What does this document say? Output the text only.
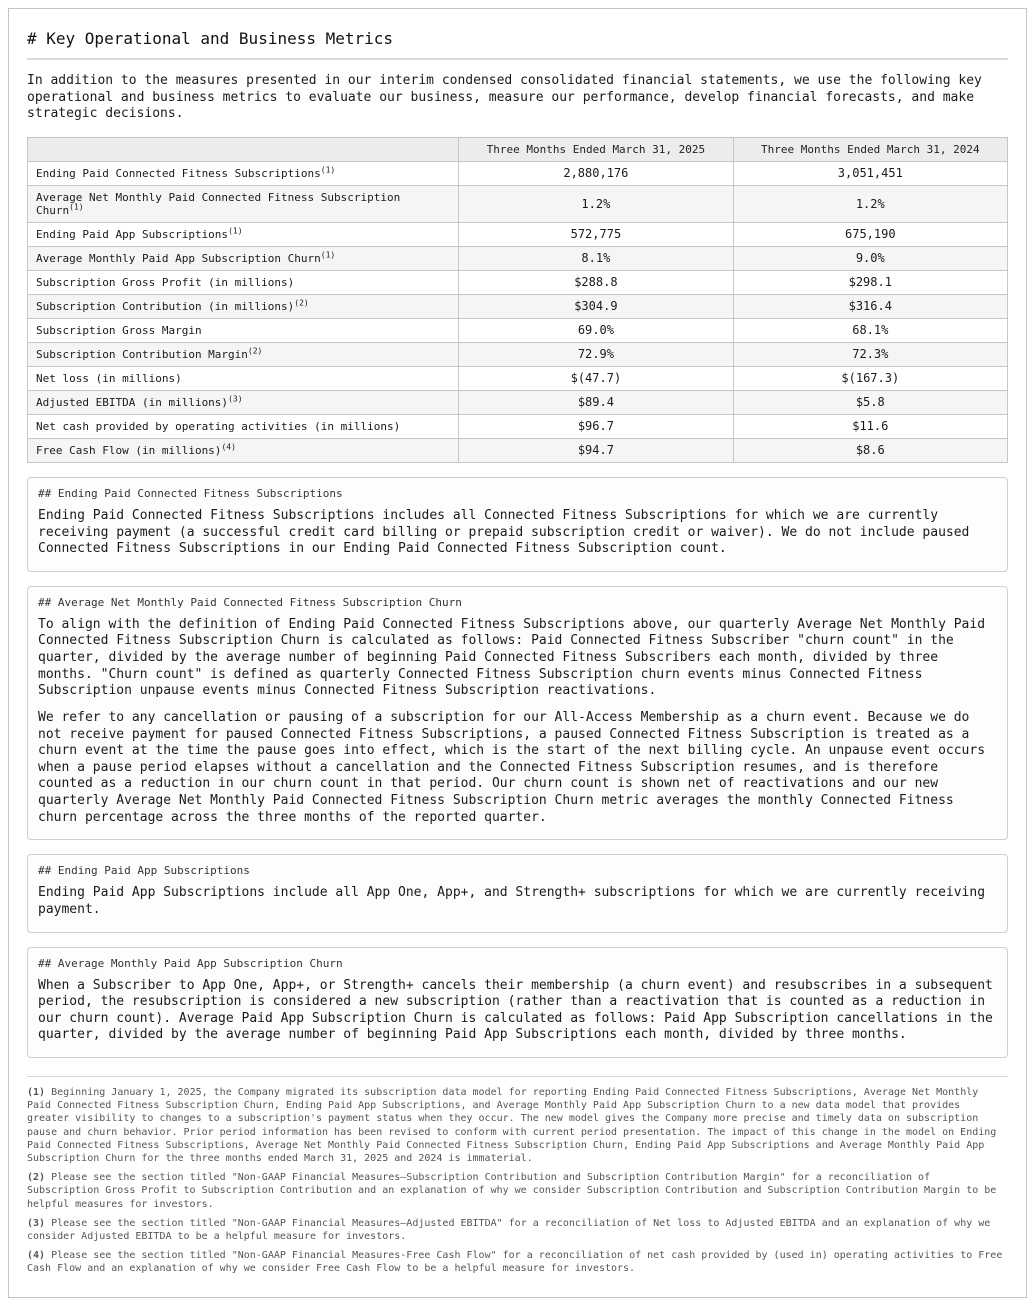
# Key Operational and Business Metrics

In addition to the measures presented in our interim condensed consolidated financial statements, we use the following key operational and business metrics to evaluate our business, measure our performance, develop financial forecasts, and make strategic decisions.

	Three Months Ended March 31, 2025	Three Months Ended March 31, 2024
Ending Paid Connected Fitness Subscriptions$^{(1)}$	2,880,176	3,051,451
Average Net Monthly Paid Connected Fitness Subscription Churn$^{(1)}$	1.2%	1.2%
Ending Paid App Subscriptions$^{(1)}$	572,775	675,190
Average Monthly Paid App Subscription Churn$^{(1)}$	8.1%	9.0%
Subscription Gross Profit (in millions)	$288.8	$298.1
Subscription Contribution (in millions)$^{(2)}$	$304.9	$316.4
Subscription Gross Margin	69.0%	68.1%
Subscription Contribution Margin$^{(2)}$	72.9%	72.3%
Net loss (in millions)	$(47.7)	$(167.3)
Adjusted EBITDA (in millions)$^{(3)}$	$89.4	$5.8
Net cash provided by operating activities (in millions)	$96.7	$11.6
Free Cash Flow (in millions)$^{(4)}$	$94.7	$8.6
## Ending Paid Connected Fitness Subscriptions

Ending Paid Connected Fitness Subscriptions includes all Connected Fitness Subscriptions for which we are currently receiving payment (a successful credit card billing or prepaid subscription credit or waiver). We do not include paused Connected Fitness Subscriptions in our Ending Paid Connected Fitness Subscription count.

## Average Net Monthly Paid Connected Fitness Subscription Churn

To align with the definition of Ending Paid Connected Fitness Subscriptions above, our quarterly Average Net Monthly Paid Connected Fitness Subscription Churn is calculated as follows: Paid Connected Fitness Subscriber "churn count" in the quarter, divided by the average number of beginning Paid Connected Fitness Subscribers each month, divided by three months. "Churn count" is defined as quarterly Connected Fitness Subscription churn events minus Connected Fitness Subscription unpause events minus Connected Fitness Subscription reactivations.

We refer to any cancellation or pausing of a subscription for our All-Access Membership as a churn event. Because we do not receive payment for paused Connected Fitness Subscriptions, a paused Connected Fitness Subscription is treated as a churn event at the time the pause goes into effect, which is the start of the next billing cycle. An unpause event occurs when a pause period elapses without a cancellation and the Connected Fitness Subscription resumes, and is therefore counted as a reduction in our churn count in that period. Our churn count is shown net of reactivations and our new quarterly Average Net Monthly Paid Connected Fitness Subscription Churn metric averages the monthly Connected Fitness churn percentage across the three months of the reported quarter.

## Ending Paid App Subscriptions

Ending Paid App Subscriptions include all App One, App+, and Strength+ subscriptions for which we are currently receiving payment.

## Average Monthly Paid App Subscription Churn

When a Subscriber to App One, App+, or Strength+ cancels their membership (a churn event) and resubscribes in a subsequent period, the resubscription is considered a new subscription (rather than a reactivation that is counted as a reduction in our churn count). Average Paid App Subscription Churn is calculated as follows: Paid App Subscription cancellations in the quarter, divided by the average number of beginning Paid App Subscriptions each month, divided by three months.

(1) Beginning January 1, 2025, the Company migrated its subscription data model for reporting Ending Paid Connected Fitness Subscriptions, Average Net Monthly Paid Connected Fitness Subscription Churn, Ending Paid App Subscriptions, and Average Monthly Paid App Subscription Churn to a new data model that provides greater visibility to changes to a subscription's payment status when they occur. The new model gives the Company more precise and timely data on subscription pause and churn behavior. Prior period information has been revised to conform with current period presentation. The impact of this change in the model on Ending Paid Connected Fitness Subscriptions, Average Net Monthly Paid Connected Fitness Subscription Churn, Ending Paid App Subscriptions and Average Monthly Paid App Subscription Churn for the three months ended March 31, 2025 and 2024 is immaterial.

(2) Please see the section titled "Non-GAAP Financial Measures—Subscription Contribution and Subscription Contribution Margin" for a reconciliation of Subscription Gross Profit to Subscription Contribution and an explanation of why we consider Subscription Contribution and Subscription Contribution Margin to be helpful measures for investors.

(3) Please see the section titled "Non-GAAP Financial Measures—Adjusted EBITDA" for a reconciliation of Net loss to Adjusted EBITDA and an explanation of why we consider Adjusted EBITDA to be a helpful measure for investors.

(4) Please see the section titled "Non-GAAP Financial Measures-Free Cash Flow" for a reconciliation of net cash provided by (used in) operating activities to Free Cash Flow and an explanation of why we consider Free Cash Flow to be a helpful measure for investors.
